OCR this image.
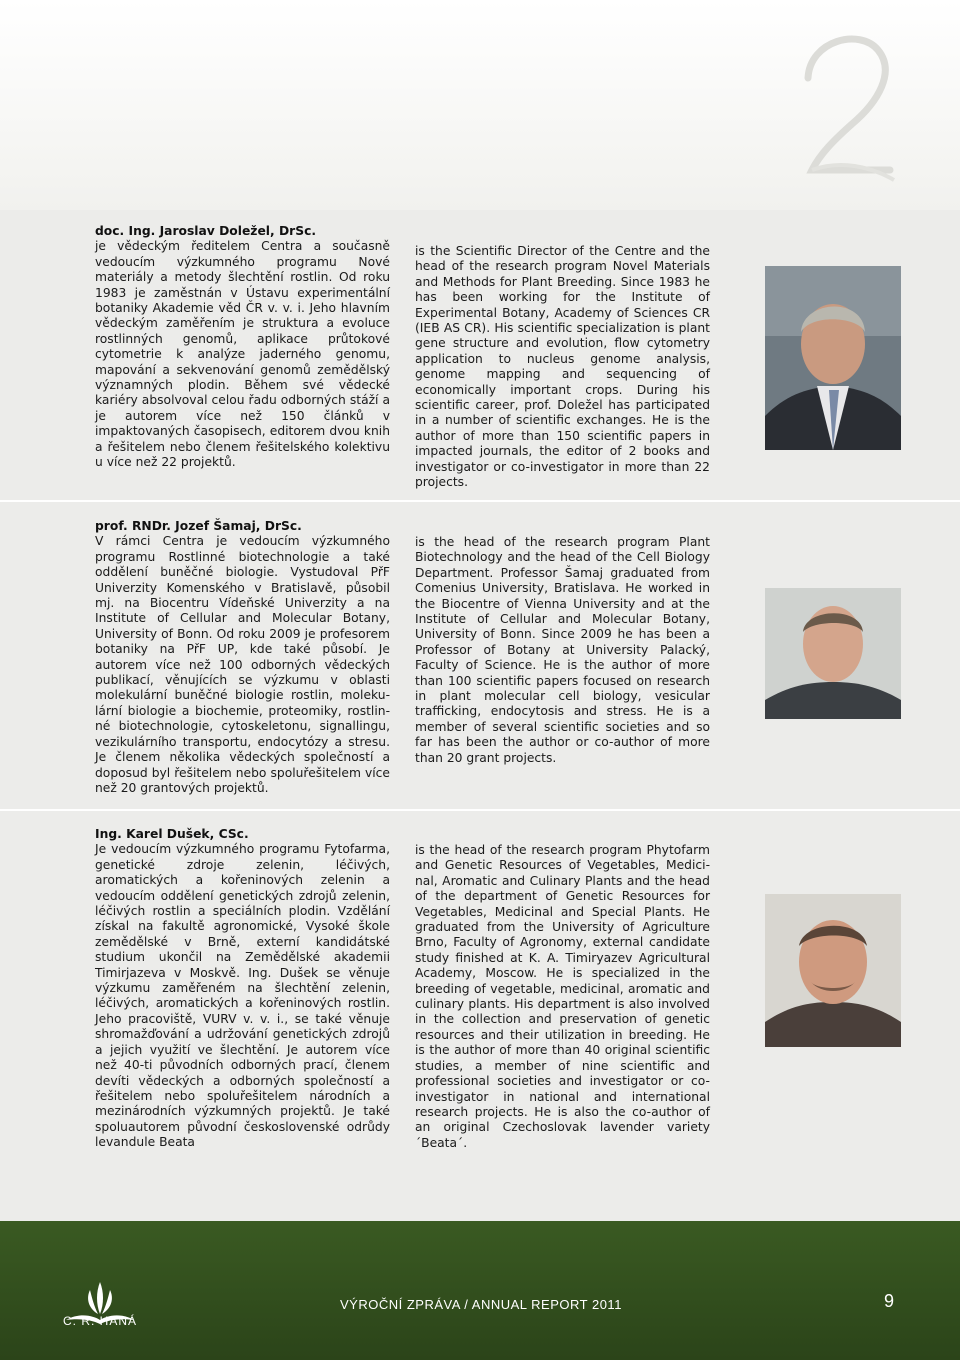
doc. Ing. Jaroslav Doležel, DrSc.
je vědeckým ředitelem Centra a současně vedoucím výzkumného programu Nové materiály a metody šlechtění rostlin. Od roku 1983 je zaměstnán v Ústavu experimentální botaniky Akademie věd ČR v. v. i. Jeho hlavním vědeckým zaměřením je struktura a evoluce rostlinných genomů, aplikace průtokové cytometrie k analýze jaderného genomu, mapování a sekvenování genomů zemědělský významných plodin. Během své vědecké kariéry absolvoval celou řadu odborných stáží a je autorem více než 150 článků v impaktovaných časopisech, editorem dvou knih a řešitelem nebo členem řešitelského kolektivu u více než 22 projektů.
is the Scientific Director of the Centre and the head of the research program Novel Materials and Methods for Plant Breeding. Since 1983 he has been working for the Institute of Experimental Botany, Academy of Sciences CR (IEB AS CR). His scientific specialization is plant gene structure and evolution, flow cytometry application to nucleus genome analysis, genome mapping and sequencing of economically important crops. During his scientific career, prof. Doležel has participated in a number of scientific exchanges. He is the author of more than 150 scientific papers in impacted journals, the editor of 2 books and investigator or co-investigator in more than 22 projects.
prof. RNDr. Jozef Šamaj, DrSc.
V rámci Centra je vedoucím výzkumného programu Rostlinné biotechnologie a také oddělení buněčné biologie. Vystudoval PřF Univerzity Komenského v Bratislavě, působil mj. na Biocentru Vídeňské Univerzity a na Institute of Cellular and Molecular Botany, University of Bonn. Od roku 2009 je profesorem botaniky na PřF UP, kde také působí. Je autorem více než 100 odborných vědeckých publikací, věnujících se výzkumu v oblasti molekulární buněčné biologie rostlin, molekulární biologie a biochemie, proteomiky, rostlinné biotechnologie, cytoskeletonu, signallingu, vezikulárního transportu, endocytózy a stresu. Je členem několika vědeckých společností a doposud byl řešitelem nebo spoluřešitelem více než 20 grantových projektů.
is the head of the research program Plant Biotechnology and the head of the Cell Biology Department. Professor Šamaj graduated from Comenius University, Bratislava. He worked in the Biocentre of Vienna University and at the Institute of Cellular and Molecular Botany, University of Bonn. Since 2009 he has been a Professor of Botany at University Palacký, Faculty of Science. He is the author of more than 100 scientific papers focused on research in plant molecular cell biology, vesicular trafficking, endocytosis and stress. He is a member of several scientific societies and so far has been the author or co-author of more than 20 grant projects.
Ing. Karel Dušek, CSc.
Je vedoucím výzkumného programu Fytofarma, genetické zdroje zelenin, léčivých, aromatických a kořeninových zelenin a vedoucím oddělení genetických zdrojů zelenin, léčivých rostlin a speciálních plodin. Vzdělání získal na fakultě agronomické, Vysoké škole zemědělské v Brně, externí kandidátské studium ukončil na Zemědělské akademii Timirjazeva v Moskvě. Ing. Dušek se věnuje výzkumu zaměřeném na šlechtění zelenin, léčivých, aromatických a kořeninových rostlin. Jeho pracoviště, VURV v. v. i., se také věnuje shromažďování a udržování genetických zdrojů a jejich využití ve šlechtění. Je autorem více než 40-ti původních odborných prací, členem devíti vědeckých a odborných společností a řešitelem nebo spoluřešitelem národních a mezinárodních výzkumných projektů. Je také spoluautorem původní československé odrůdy levandule Beata
is the head of the research program Phytofarm and Genetic Resources of Vegetables, Medicinal, Aromatic and Culinary Plants and the head of the department of Genetic Resources for Vegetables, Medicinal and Special Plants. He graduated from the University of Agriculture Brno, Faculty of Agronomy, external candidate study finished at K. A. Timiryazev Agricultural Academy, Moscow. He is specialized in the breeding of vegetable, medicinal, aromatic and culinary plants. His department is also involved in the collection and preservation of genetic resources and their utilization in breeding. He is the author of more than 40 original scientific studies, a member of nine scientific and professional societies and investigator or co-investigator in national and international research projects. He is also the co-author of an original Czechoslovak lavender variety ´Beata´.
C. R. HANÁ
VÝROČNÍ ZPRÁVA / ANNUAL REPORT 2011	9
